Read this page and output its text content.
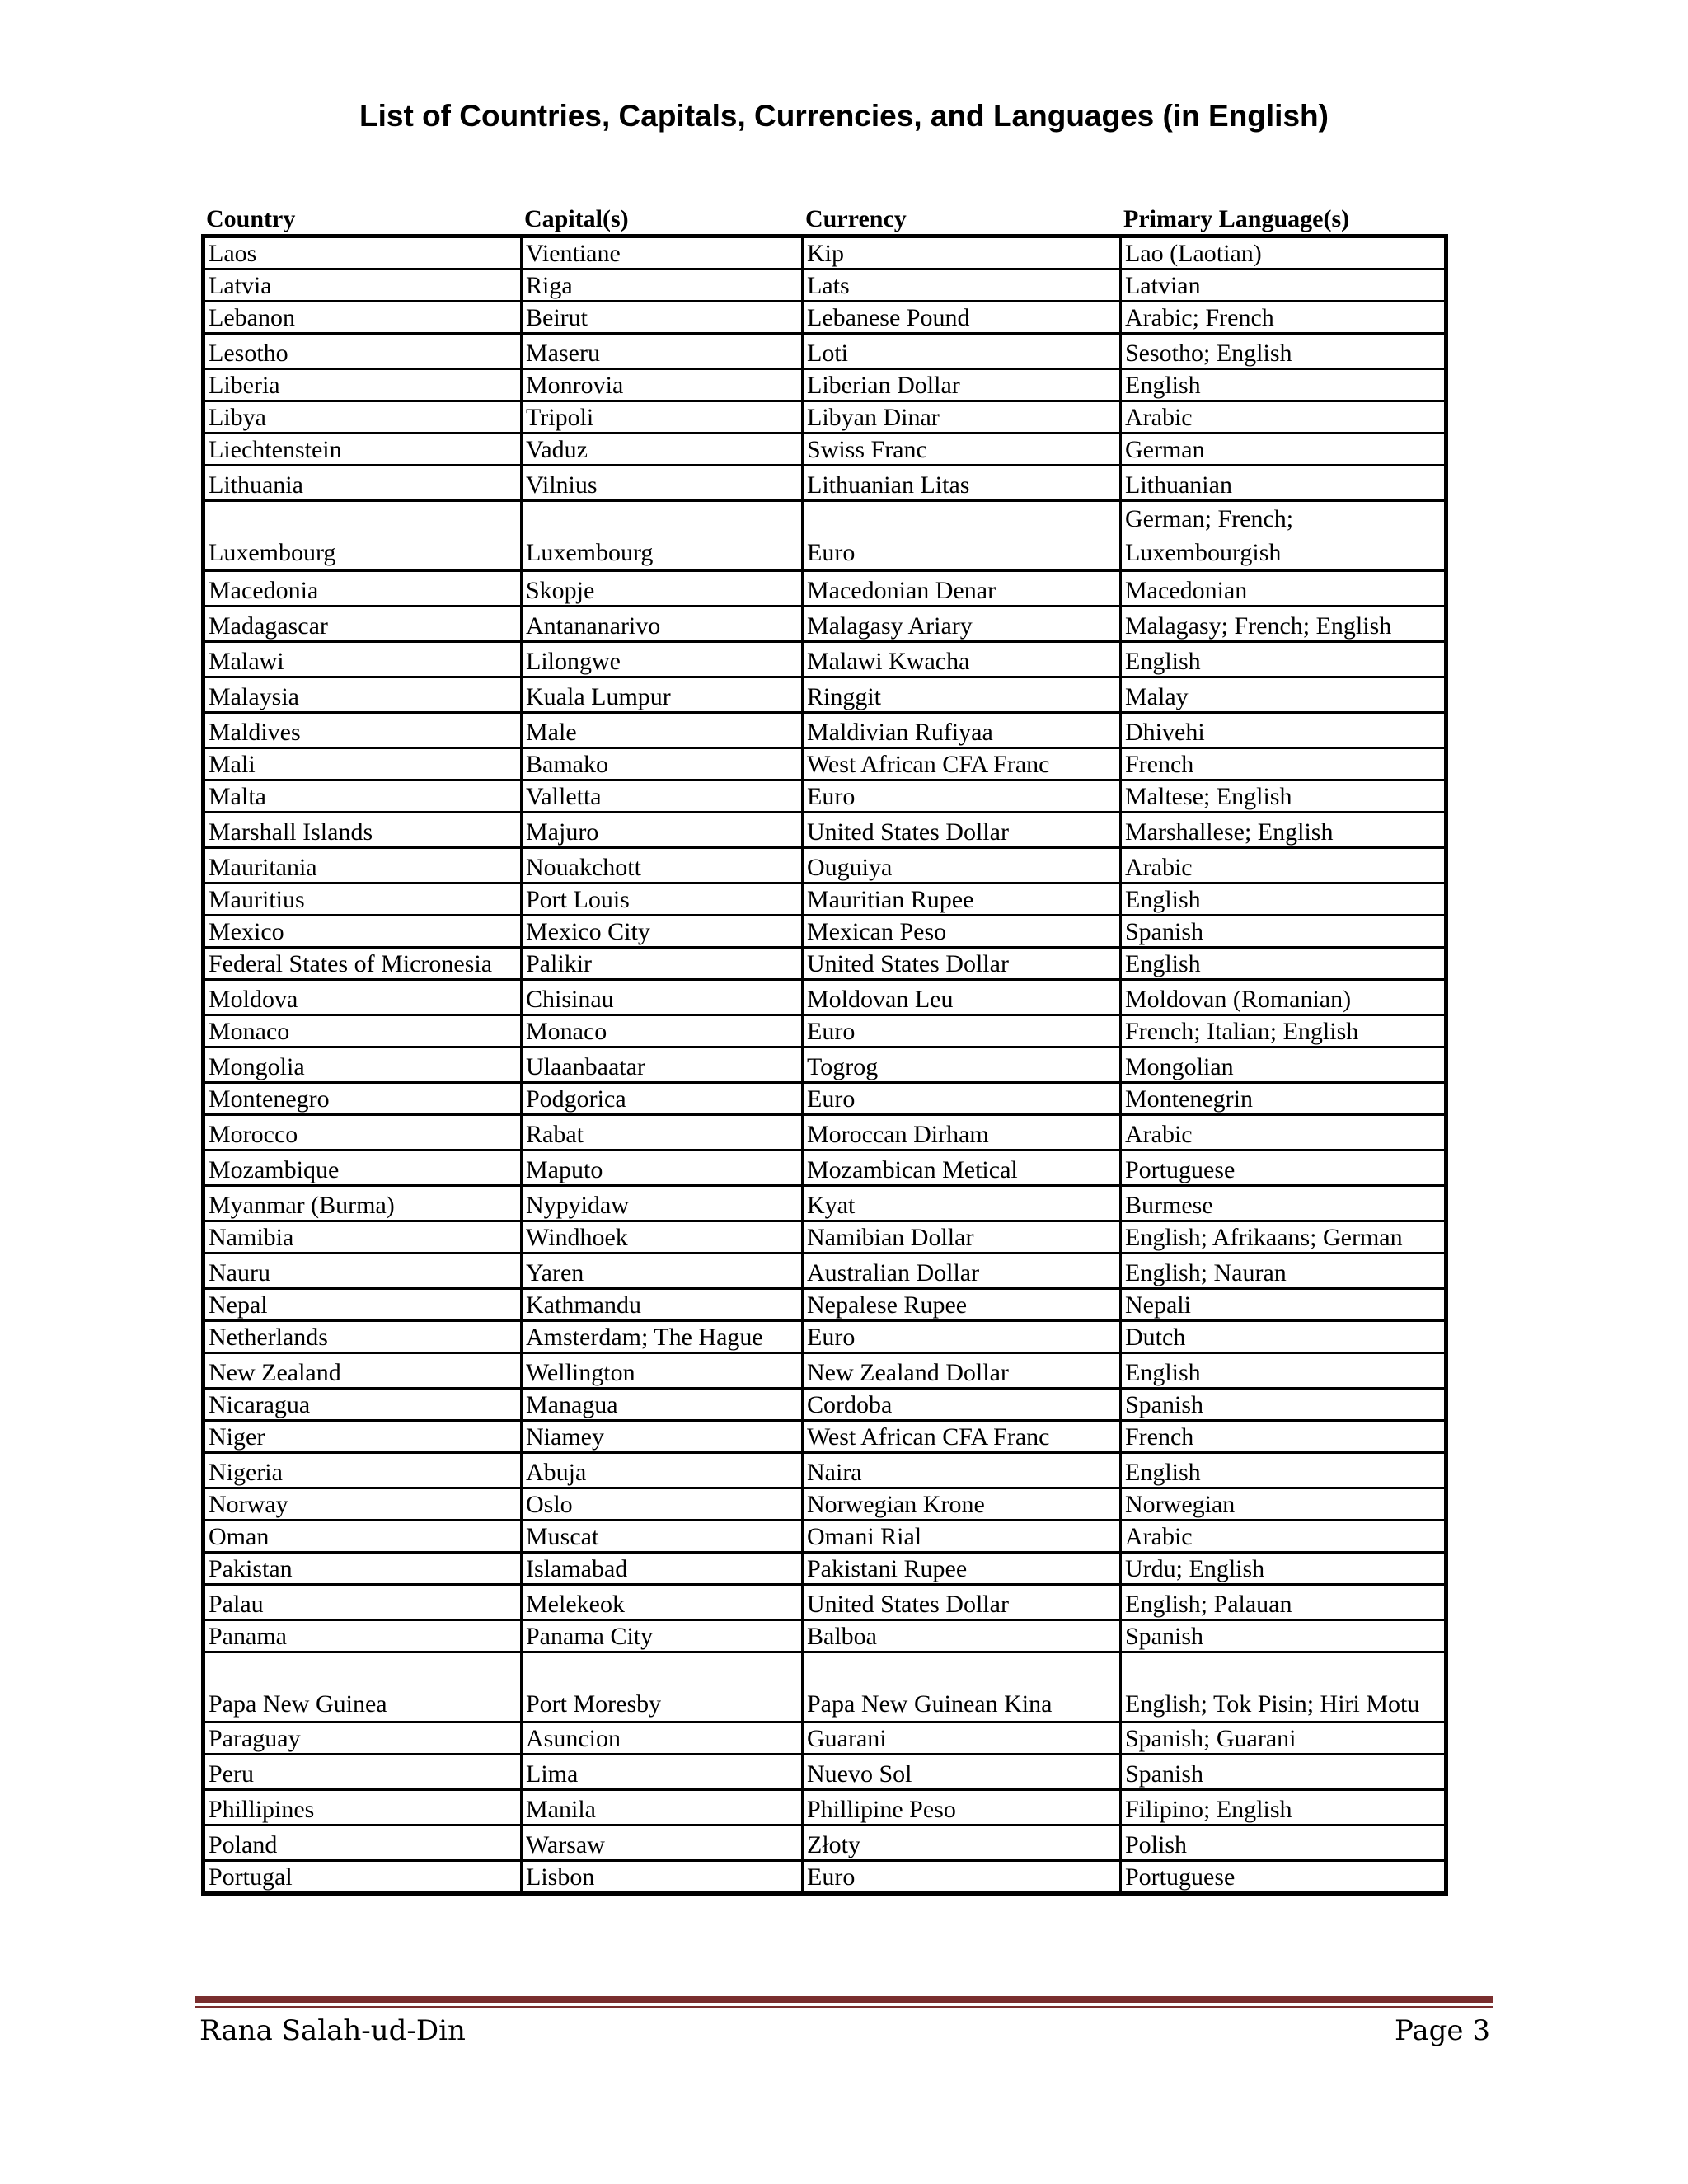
List of Countries, Capitals, Currencies, and Languages (in English)
Country	Capital(s)	Currency	Primary Language(s)
Laos	Vientiane	Kip	Lao (Laotian)
Latvia	Riga	Lats	Latvian
Lebanon	Beirut	Lebanese Pound	Arabic; French
Lesotho	Maseru	Loti	Sesotho; English
Liberia	Monrovia	Liberian Dollar	English
Libya	Tripoli	Libyan Dinar	Arabic
Liechtenstein	Vaduz	Swiss Franc	German
Lithuania	Vilnius	Lithuanian Litas	Lithuanian
Luxembourg	Luxembourg	Euro	German; French; Luxembourgish
Macedonia	Skopje	Macedonian Denar	Macedonian
Madagascar	Antananarivo	Malagasy Ariary	Malagasy; French; English
Malawi	Lilongwe	Malawi Kwacha	English
Malaysia	Kuala Lumpur	Ringgit	Malay
Maldives	Male	Maldivian Rufiyaa	Dhivehi
Mali	Bamako	West African CFA Franc	French
Malta	Valletta	Euro	Maltese; English
Marshall Islands	Majuro	United States Dollar	Marshallese; English
Mauritania	Nouakchott	Ouguiya	Arabic
Mauritius	Port Louis	Mauritian Rupee	English
Mexico	Mexico City	Mexican Peso	Spanish
Federal States of Micronesia	Palikir	United States Dollar	English
Moldova	Chisinau	Moldovan Leu	Moldovan (Romanian)
Monaco	Monaco	Euro	French; Italian; English
Mongolia	Ulaanbaatar	Togrog	Mongolian
Montenegro	Podgorica	Euro	Montenegrin
Morocco	Rabat	Moroccan Dirham	Arabic
Mozambique	Maputo	Mozambican Metical	Portuguese
Myanmar (Burma)	Nypyidaw	Kyat	Burmese
Namibia	Windhoek	Namibian Dollar	English; Afrikaans; German
Nauru	Yaren	Australian Dollar	English; Nauran
Nepal	Kathmandu	Nepalese Rupee	Nepali
Netherlands	Amsterdam; The Hague	Euro	Dutch
New Zealand	Wellington	New Zealand Dollar	English
Nicaragua	Managua	Cordoba	Spanish
Niger	Niamey	West African CFA Franc	French
Nigeria	Abuja	Naira	English
Norway	Oslo	Norwegian Krone	Norwegian
Oman	Muscat	Omani Rial	Arabic
Pakistan	Islamabad	Pakistani Rupee	Urdu; English
Palau	Melekeok	United States Dollar	English; Palauan
Panama	Panama City	Balboa	Spanish
Papa New Guinea	Port Moresby	Papa New Guinean Kina	English; Tok Pisin; Hiri Motu
Paraguay	Asuncion	Guarani	Spanish; Guarani
Peru	Lima	Nuevo Sol	Spanish
Phillipines	Manila	Phillipine Peso	Filipino; English
Poland	Warsaw	Złoty	Polish
Portugal	Lisbon	Euro	Portuguese
Rana Salah-ud-Din	Page 3
